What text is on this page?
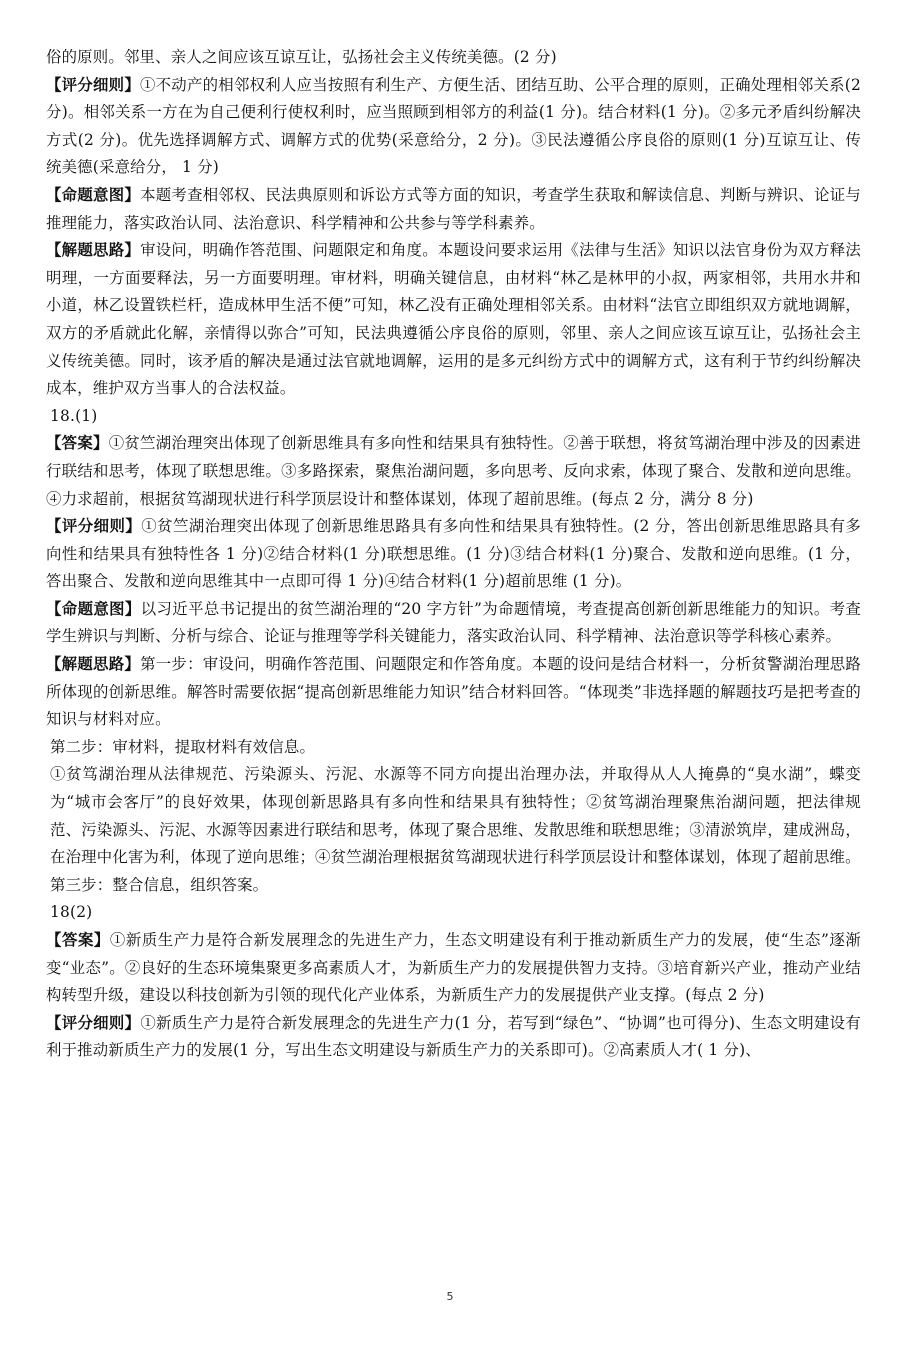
俗的原则。邻里、亲人之间应该互谅互让，弘扬社会主义传统美德。(2 分)

【评分细则】①不动产的相邻权利人应当按照有利生产、方便生活、团结互助、公平合理的原则，正确处理相邻关系(2 分)。相邻关系一方在为自己便利行使权利时，应当照顾到相邻方的利益(1 分)。结合材料(1 分)。②多元矛盾纠纷解决方式(2 分)。优先选择调解方式、调解方式的优势(采意给分，2 分)。③民法遵循公序良俗的原则(1 分)互谅互让、传统美德(采意给分， 1 分)

【命题意图】本题考查相邻权、民法典原则和诉讼方式等方面的知识，考查学生获取和解读信息、判断与辨识、论证与推理能力，落实政治认同、法治意识、科学精神和公共参与等学科素养。

【解题思路】审设问，明确作答范围、问题限定和角度。本题设问要求运用《法律与生活》知识以法官身份为双方释法明理，一方面要释法，另一方面要明理。审材料，明确关键信息，由材料“林乙是林甲的小叔，两家相邻，共用水井和小道，林乙设置铁栏杆，造成林甲生活不便”可知，林乙没有正确处理相邻关系。由材料“法官立即组织双方就地调解，双方的矛盾就此化解，亲情得以弥合”可知，民法典遵循公序良俗的原则，邻里、亲人之间应该互谅互让，弘扬社会主义传统美德。同时，该矛盾的解决是通过法官就地调解，运用的是多元纠纷方式中的调解方式，这有利于节约纠纷解决成本，维护双方当事人的合法权益。

18.(1)

【答案】①贫竺湖治理突出体现了创新思维具有多向性和结果具有独特性。②善于联想，将贫笃湖治理中涉及的因素进行联结和思考，体现了联想思维。③多路探索，聚焦治湖问题，多向思考、反向求索，体现了聚合、发散和逆向思维。④力求超前，根据贫笃湖现状进行科学顶层设计和整体谋划，体现了超前思维。(每点 2 分，满分 8 分)

【评分细则】①贫竺湖治理突出体现了创新思维思路具有多向性和结果具有独特性。(2 分，答出创新思维思路具有多向性和结果具有独特性各 1 分)②结合材料(1 分)联想思维。(1 分)③结合材料(1 分)聚合、发散和逆向思维。(1 分，答出聚合、发散和逆向思维其中一点即可得 1 分)④结合材料(1 分)超前思维 (1 分)。

【命题意图】以习近平总书记提出的贫竺湖治理的“20 字方针”为命题情境，考查提高创新创新思维能力的知识。考查学生辨识与判断、分析与综合、论证与推理等学科关键能力，落实政治认同、科学精神、法治意识等学科核心素养。

【解题思路】第一步：审设问，明确作答范围、问题限定和作答角度。本题的设问是结合材料一，分析贫警湖治理思路所体现的创新思维。解答时需要依据“提高创新思维能力知识”结合材料回答。“体现类”非选择题的解题技巧是把考查的知识与材料对应。

第二步：审材料，提取材料有效信息。

①贫笃湖治理从法律规范、污染源头、污泥、水源等不同方向提出治理办法，并取得从人人掩鼻的“臭水湖”，蝶变为“城市会客厅”的良好效果，体现创新思路具有多向性和结果具有独特性；②贫笃湖治理聚焦治湖问题，把法律规范、污染源头、污泥、水源等因素进行联结和思考，体现了聚合思维、发散思维和联想思维；③清淤筑岸，建成洲岛，在治理中化害为利，体现了逆向思维；④贫竺湖治理根据贫笃湖现状进行科学顶层设计和整体谋划，体现了超前思维。

第三步：整合信息，组织答案。

18(2)

【答案】①新质生产力是符合新发展理念的先进生产力，生态文明建设有利于推动新质生产力的发展，使“生态”逐渐变“业态”。②良好的生态环境集聚更多高素质人才，为新质生产力的发展提供智力支持。③培育新兴产业，推动产业结构转型升级，建设以科技创新为引领的现代化产业体系，为新质生产力的发展提供产业支撑。(每点 2 分)

【评分细则】①新质生产力是符合新发展理念的先进生产力(1 分，若写到“绿色”、“协调”也可得分)、生态文明建设有利于推动新质生产力的发展(1 分，写出生态文明建设与新质生产力的关系即可)。②高素质人才( 1 分)、

5
